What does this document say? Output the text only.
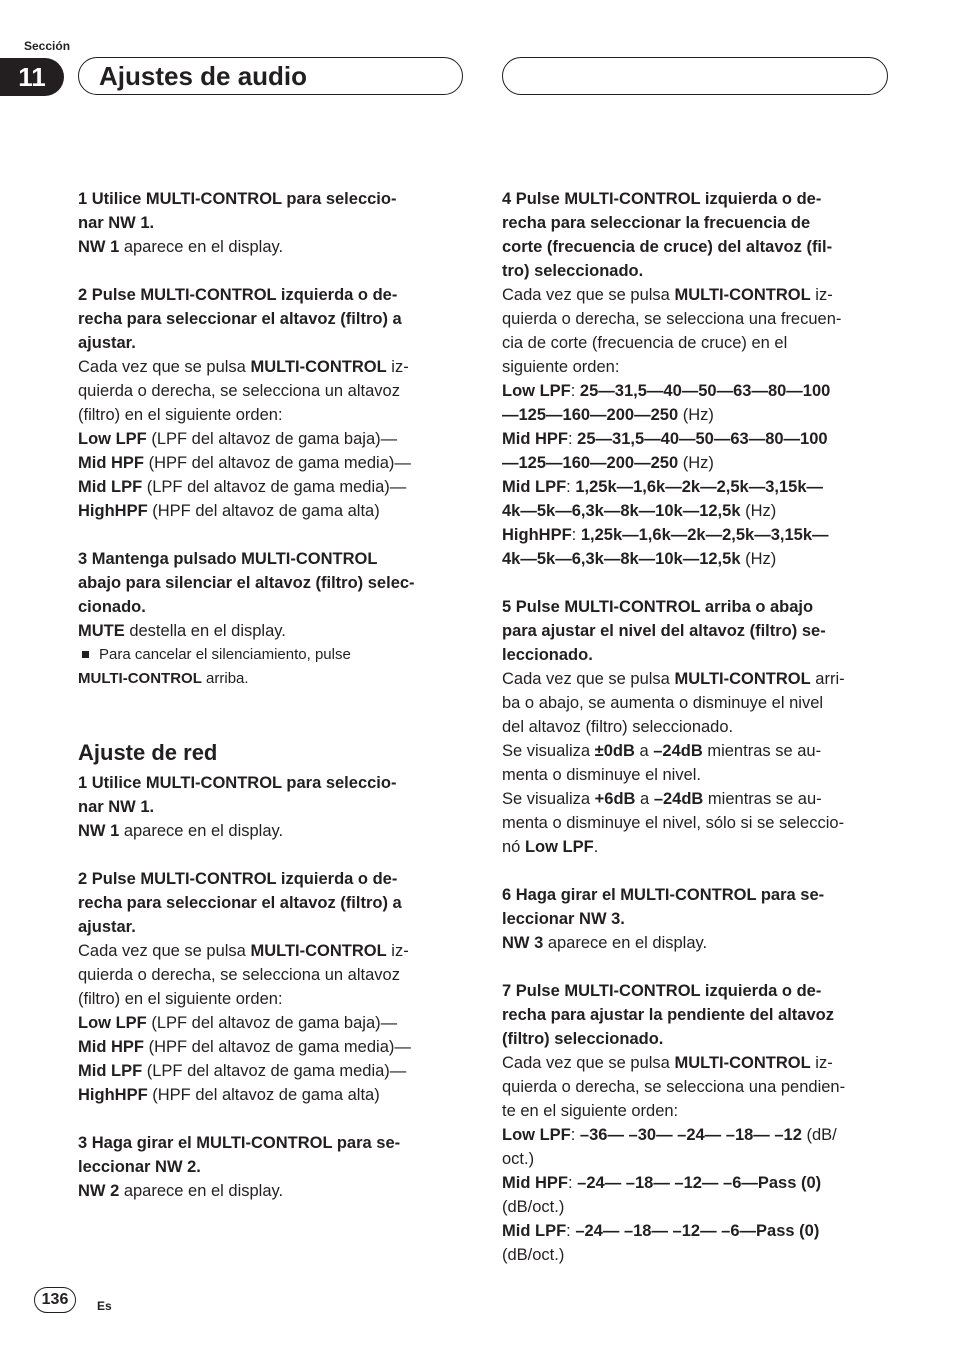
Sección
11	Ajustes de audio

1 Utilice MULTI-CONTROL para seleccio-
nar NW 1.

NW 1 aparece en el display.

2 Pulse MULTI-CONTROL izquierda o de-
recha para seleccionar el altavoz (filtro) a
ajustar.

Cada vez que se pulsa MULTI-CONTROL iz-
quierda o derecha, se selecciona un altavoz
(filtro) en el siguiente orden:
Low LPF (LPF del altavoz de gama baja)—
Mid HPF (HPF del altavoz de gama media)—
Mid LPF (LPF del altavoz de gama media)—
HighHPF (HPF del altavoz de gama alta)

3 Mantenga pulsado MULTI-CONTROL
abajo para silenciar el altavoz (filtro) selec-
cionado.

MUTE destella en el display.

Para cancelar el silenciamiento, pulse
MULTI-CONTROL arriba.

Ajuste de red

1 Utilice MULTI-CONTROL para seleccio-
nar NW 1.

NW 1 aparece en el display.

2 Pulse MULTI-CONTROL izquierda o de-
recha para seleccionar el altavoz (filtro) a
ajustar.

Cada vez que se pulsa MULTI-CONTROL iz-
quierda o derecha, se selecciona un altavoz
(filtro) en el siguiente orden:
Low LPF (LPF del altavoz de gama baja)—
Mid HPF (HPF del altavoz de gama media)—
Mid LPF (LPF del altavoz de gama media)—
HighHPF (HPF del altavoz de gama alta)

3 Haga girar el MULTI-CONTROL para se-
leccionar NW 2.

NW 2 aparece en el display.

4 Pulse MULTI-CONTROL izquierda o de-
recha para seleccionar la frecuencia de
corte (frecuencia de cruce) del altavoz (fil-
tro) seleccionado.

Cada vez que se pulsa MULTI-CONTROL iz-
quierda o derecha, se selecciona una frecuen-
cia de corte (frecuencia de cruce) en el
siguiente orden:
Low LPF: 25—31,5—40—50—63—80—100
—125—160—200—250 (Hz)
Mid HPF: 25—31,5—40—50—63—80—100
—125—160—200—250 (Hz)
Mid LPF: 1,25k—1,6k—2k—2,5k—3,15k—
4k—5k—6,3k—8k—10k—12,5k (Hz)
HighHPF: 1,25k—1,6k—2k—2,5k—3,15k—
4k—5k—6,3k—8k—10k—12,5k (Hz)

5 Pulse MULTI-CONTROL arriba o abajo
para ajustar el nivel del altavoz (filtro) se-
leccionado.

Cada vez que se pulsa MULTI-CONTROL arri-
ba o abajo, se aumenta o disminuye el nivel
del altavoz (filtro) seleccionado.
Se visualiza ±0dB a –24dB mientras se au-
menta o disminuye el nivel.
Se visualiza +6dB a –24dB mientras se au-
menta o disminuye el nivel, sólo si se seleccio-
nó Low LPF.

6 Haga girar el MULTI-CONTROL para se-
leccionar NW 3.

NW 3 aparece en el display.

7 Pulse MULTI-CONTROL izquierda o de-
recha para ajustar la pendiente del altavoz
(filtro) seleccionado.

Cada vez que se pulsa MULTI-CONTROL iz-
quierda o derecha, se selecciona una pendien-
te en el siguiente orden:
Low LPF: –36— –30— –24— –18— –12 (dB/
oct.)
Mid HPF: –24— –18— –12— –6—Pass (0)
(dB/oct.)
Mid LPF: –24— –18— –12— –6—Pass (0)
(dB/oct.)

136	Es
